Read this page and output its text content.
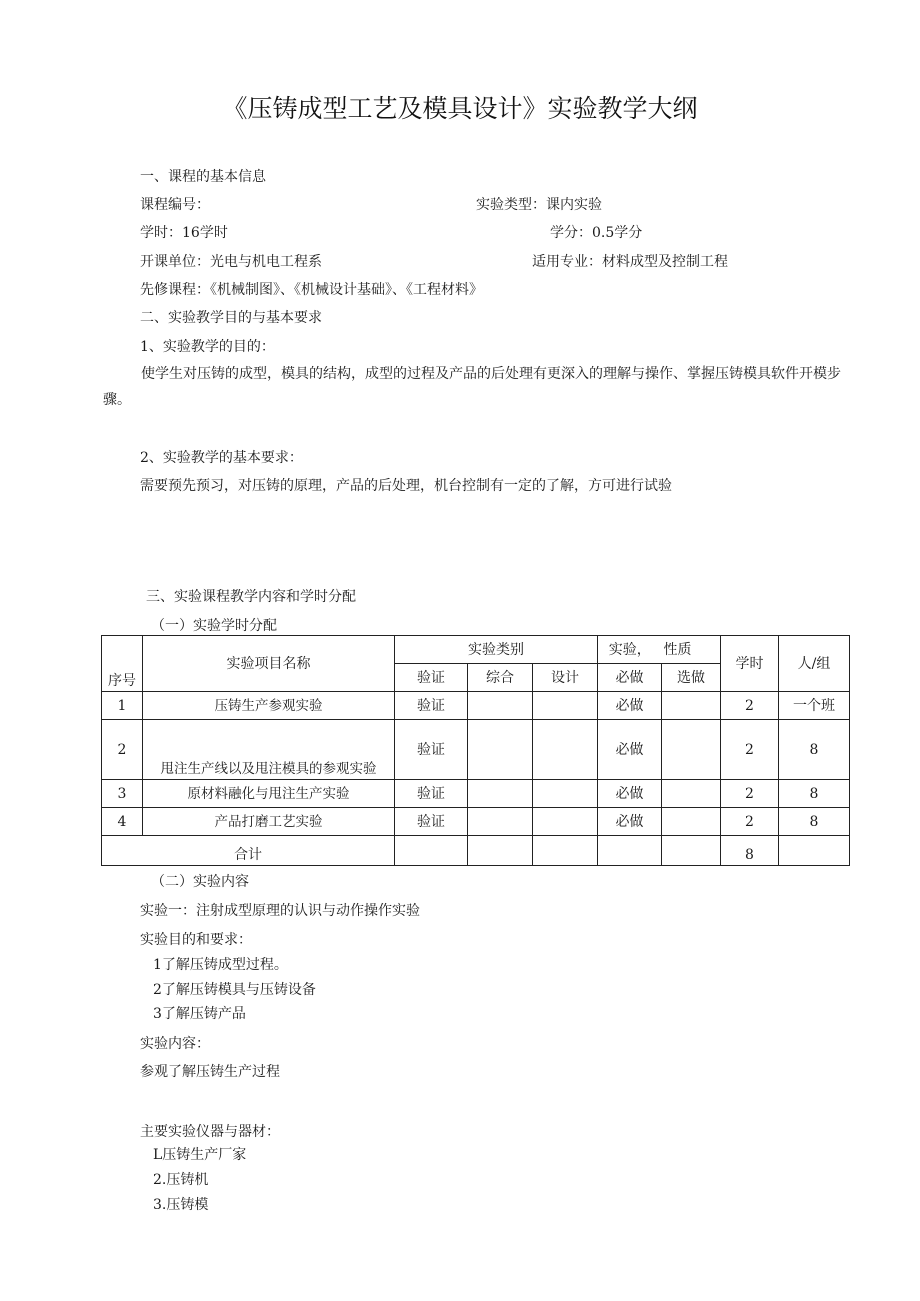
《压铸成型工艺及模具设计》实验教学大纲
一、课程的基本信息
课程编号：	实验类型：课内实验
学时：16学时	学分：0.5学分
开课单位：光电与机电工程系	适用专业：材料成型及控制工程
先修课程：《机械制图》、《机械设计基础》、《工程材料》
二、实验教学目的与基本要求
1、实验教学的目的：
使学生对压铸的成型，模具的结构，成型的过程及产品的后处理有更深入的理解与操作、掌握压铸模具软件开模步骤。
2、实验教学的基本要求：
需要预先预习，对压铸的原理，产品的后处理，机台控制有一定的了解，方可进行试验
三、实验课程教学内容和学时分配
（一）实验学时分配
序号	实验项目名称	实验类别			实验，	性质	学时	人/组
		验证	综合	设计	必做	选做		
1	压铸生产参观实验	验证			必做		2	一个班
2	甩注生产线以及甩注模具的参观实验	验证			必做		2	8
3	原材料融化与甩注生产实验	验证			必做		2	8
4	产品打磨工艺实验	验证			必做		2	8
合计							8	
（二）实验内容
实验一：注射成型原理的认识与动作操作实验
实验目的和要求：
1了解压铸成型过程。
2了解压铸模具与压铸设备
3了解压铸产品
实验内容：
参观了解压铸生产过程
主要实验仪器与器材：
L压铸生产厂家
2.压铸机
3.压铸模
